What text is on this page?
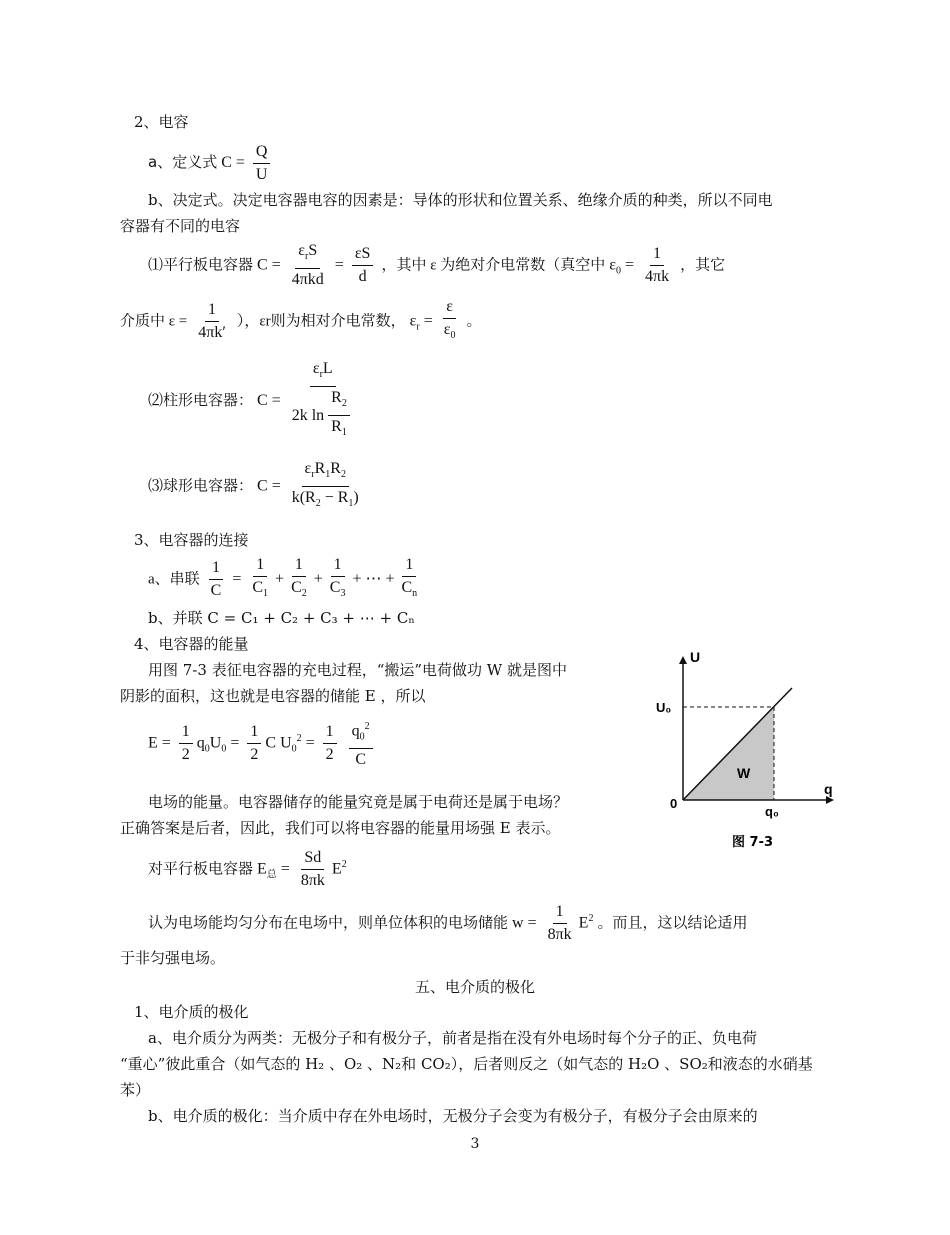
2、电容
a、定义式 $C = \frac{Q}{U}$
b、决定式。决定电容器电容的因素是：导体的形状和位置关系、绝缘介质的种类，所以不同电
容器有不同的电容
⑴平行板电容器 $C = \frac{\varepsilon_rS}{\text{4πkd}} = \frac{\varepsilon S}{d}$ ，其中 ε 为绝对介电常数（真空中 $\varepsilon_0 = \frac{1}{4\pi k}$ ，其它
介质中 $\varepsilon = \frac{1}{4\pi k'}$ ），εr则为相对介电常数， $\varepsilon_r = \frac{\varepsilon}{\varepsilon_0}$ 。
⑵柱形电容器： $C = \frac{\varepsilon_rL}{2k \ln \frac{R_2}{R_1}}$
⑶球形电容器： $C = \frac{\varepsilon_rR_1R_2}{k(R_2 - R_1)}$
3、电容器的连接
a、串联 $\frac{1}{C} = \frac{1}{C_1} + \frac{1}{C_2} + \frac{1}{C_3}$ + ⋯ + $\frac{1}{C_n}$
b、并联 C = C₁ + C₂ + C₃ + ⋯ + Cₙ
4、电容器的能量
用图 7-3 表征电容器的充电过程，“搬运”电荷做功 W 就是图中
阴影的面积，这也就是电容器的储能 E ，所以
$E = \frac{1}{2} q_0U_0 = \frac{1}{2}$ C $U_0^2 = \frac{1}{2}$
$\frac{q_0^2}{C}$
电场的能量。电容器储存的能量究竟是属于电荷还是属于电场？
正确答案是后者，因此，我们可以将电容器的能量用场强 E 表示。
对平行板电容器 $E_总 = \frac{Sd}{8\pi k} E^2$
认为电场能均匀分布在电场中，则单位体积的电场储能 $w = \frac{1}{8\pi k} E^2$ 。而且，这以结论适用
于非匀强电场。
五、电介质的极化
1、电介质的极化
a、电介质分为两类：无极分子和有极分子，前者是指在没有外电场时每个分子的正、负电荷
“重心”彼此重合（如气态的 H₂ 、O₂ 、N₂和 CO₂），后者则反之（如气态的 H₂O 、SO₂和液态的水硝基
苯）
b、电介质的极化：当介质中存在外电场时，无极分子会变为有极分子，有极分子会由原来的
3
U
U₀
q
q₀
0
W
图 7-3
